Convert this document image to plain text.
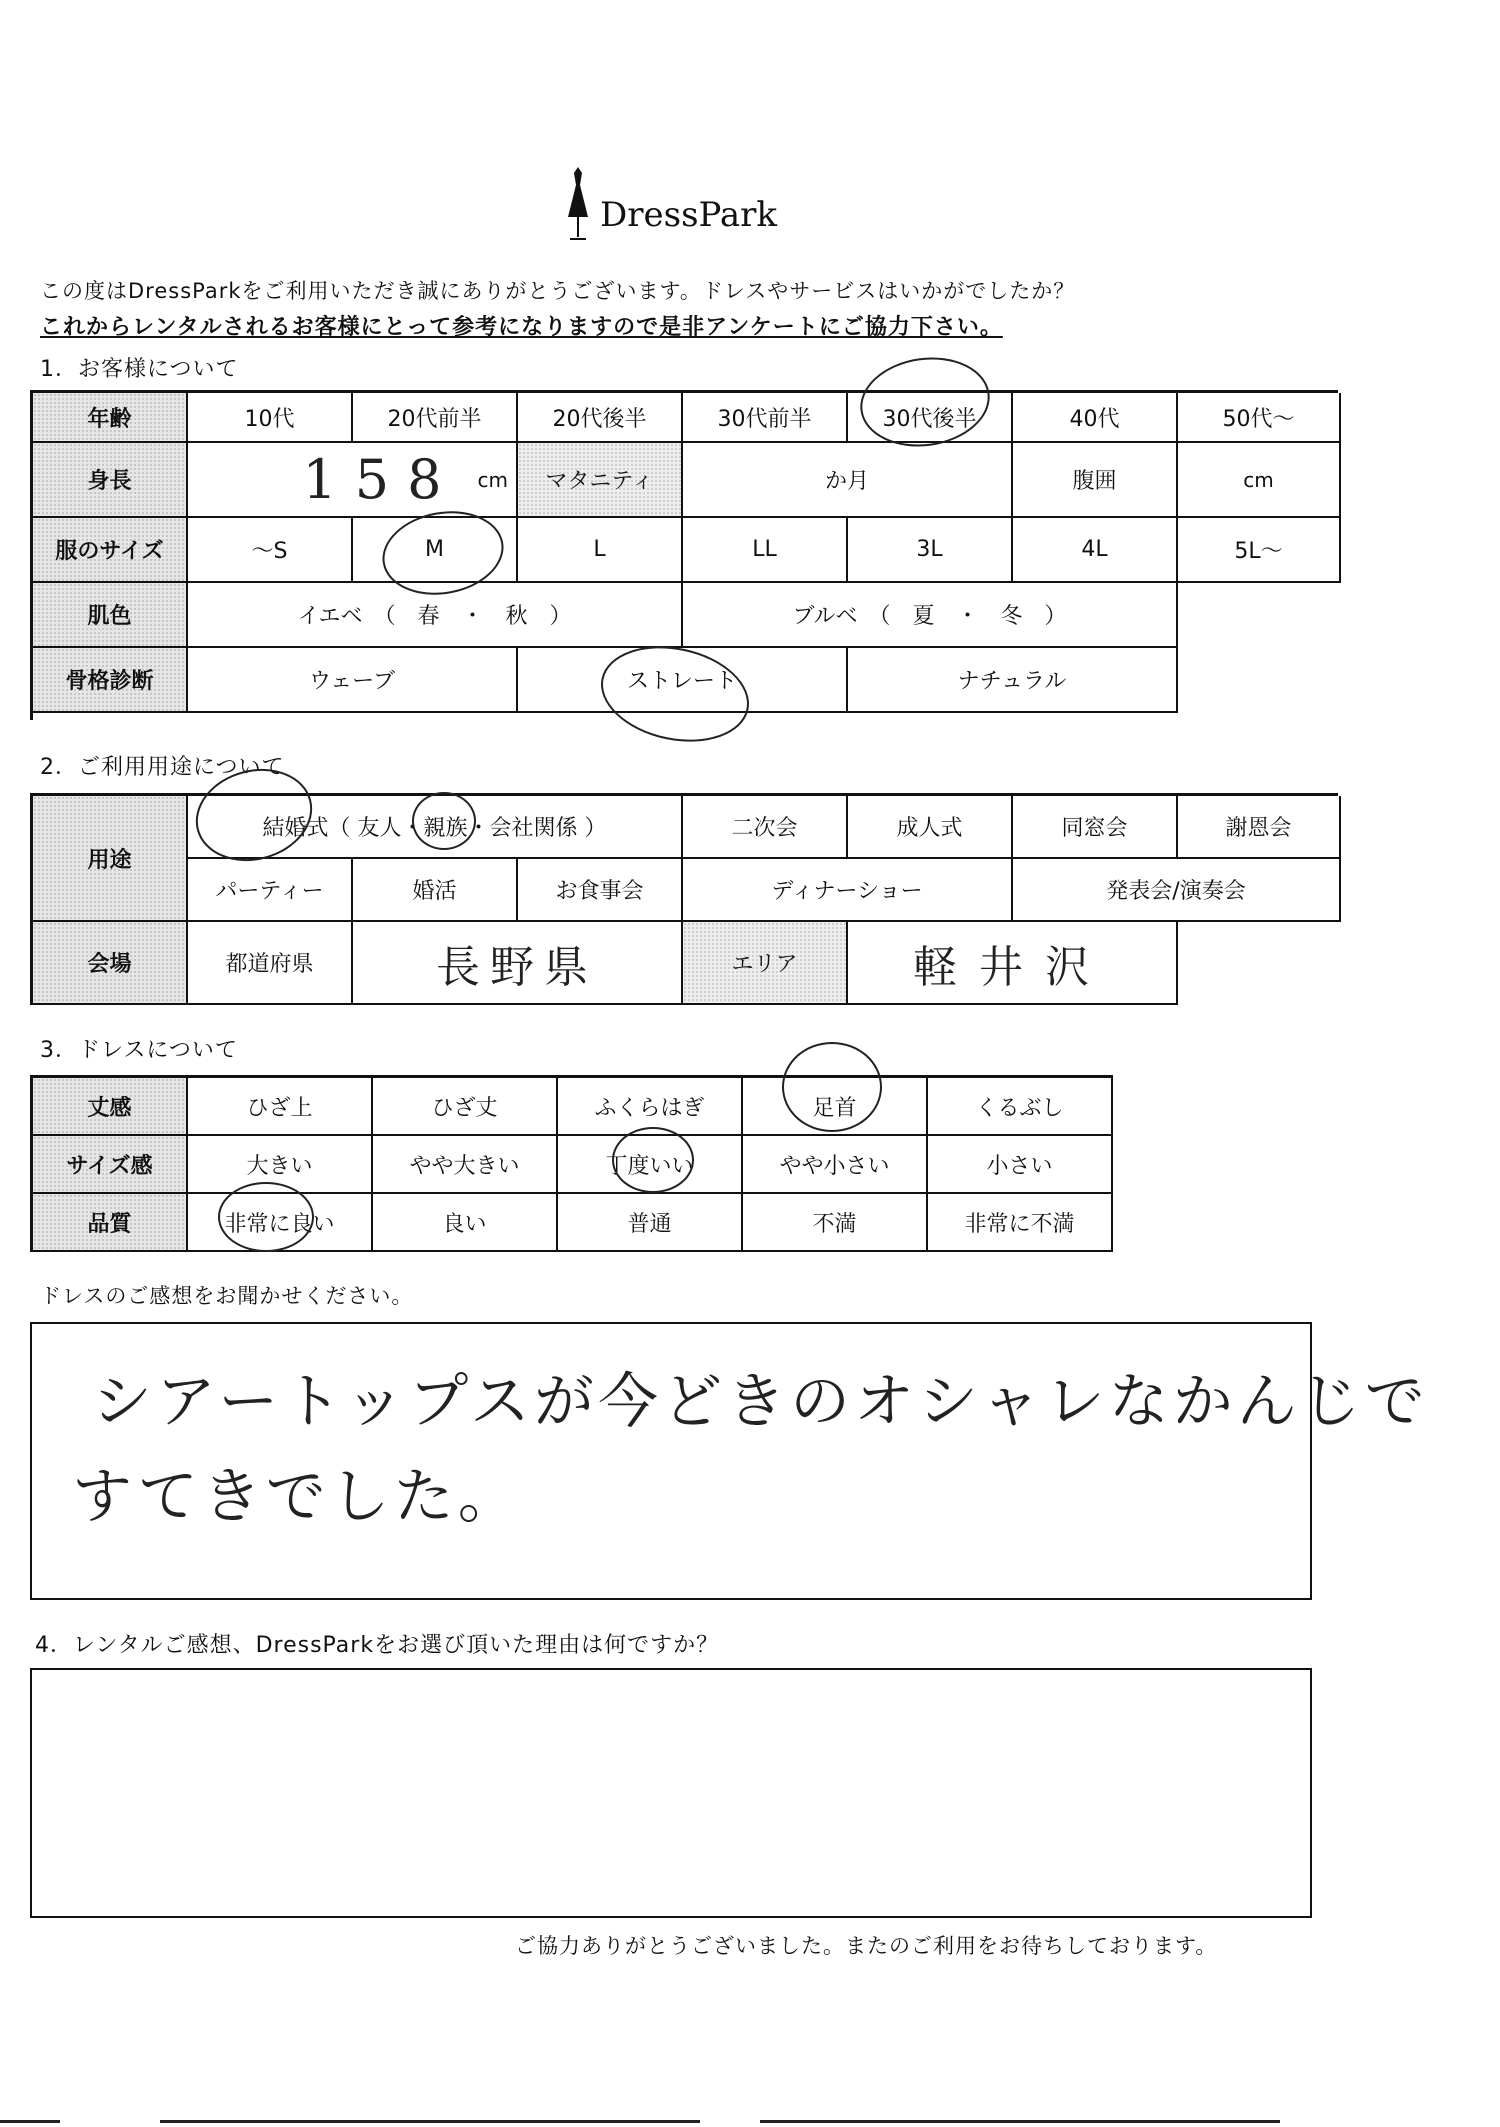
DressPark
この度はDressParkをご利用いただき誠にありがとうございます。ドレスやサービスはいかがでしたか？
これからレンタルされるお客様にとって参考になりますので是非アンケートにご協力下さい。
1．お客様について
年齢	10代	20代前半	20代後半	30代前半	30代後半	40代	50代～
身長	158 cm	マタニティ	か月	腹囲	cm
服のサイズ	～S	M	L	LL	3L	4L	5L～
肌色	イエベ　（　春　・　秋　）	ブルベ　（　夏　・　冬　）
骨格診断	ウェーブ	ストレート	ナチュラル
2．ご利用用途について
用途
結婚式（ 友人・親族・会社関係 ）	二次会	成人式	同窓会	謝恩会
パーティー	婚活	お食事会	ディナーショー	発表会/演奏会
会場	都道府県	長野県	エリア	軽井沢
3．ドレスについて
丈感	ひざ上	ひざ丈	ふくらはぎ	足首	くるぶし
サイズ感	大きい	やや大きい	丁度いい	やや小さい	小さい
品質	非常に良い	良い	普通	不満	非常に不満
ドレスのご感想をお聞かせください。
シアートップスが今どきのオシャレなかんじで
すてきでした。
4．レンタルご感想、DressParkをお選び頂いた理由は何ですか？
ご協力ありがとうございました。またのご利用をお待ちしております。
